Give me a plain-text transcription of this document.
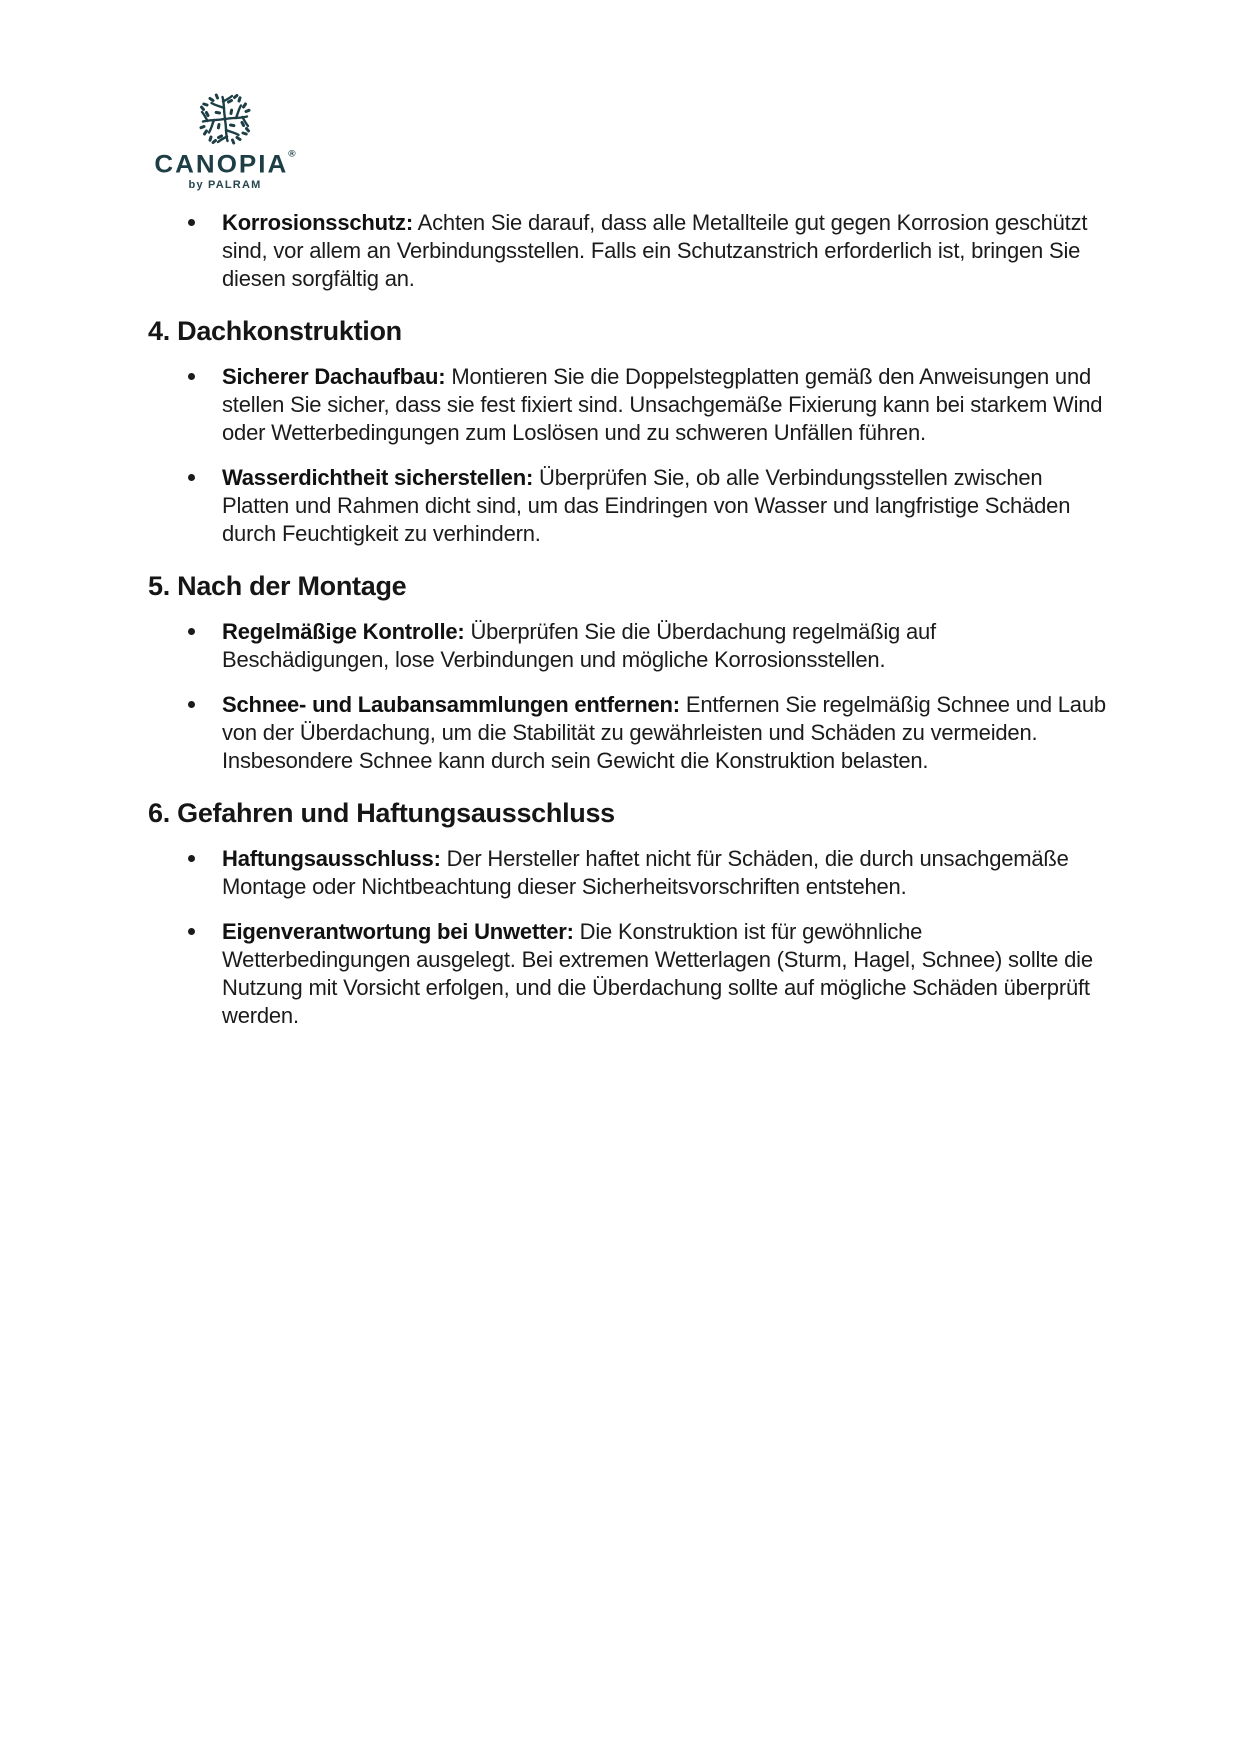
CANOPIA®
by PALRAM
Korrosionsschutz: Achten Sie darauf, dass alle Metallteile gut gegen Korrosion geschützt sind, vor allem an Verbindungsstellen. Falls ein Schutzanstrich erforderlich ist, bringen Sie diesen sorgfältig an.
4. Dachkonstruktion
Sicherer Dachaufbau: Montieren Sie die Doppelstegplatten gemäß den Anweisungen und stellen Sie sicher, dass sie fest fixiert sind. Unsachgemäße Fixierung kann bei starkem Wind oder Wetterbedingungen zum Loslösen und zu schweren Unfällen führen.
Wasserdichtheit sicherstellen: Überprüfen Sie, ob alle Verbindungsstellen zwischen Platten und Rahmen dicht sind, um das Eindringen von Wasser und langfristige Schäden durch Feuchtigkeit zu verhindern.
5. Nach der Montage
Regelmäßige Kontrolle: Überprüfen Sie die Überdachung regelmäßig auf Beschädigungen, lose Verbindungen und mögliche Korrosionsstellen.
Schnee- und Laubansammlungen entfernen: Entfernen Sie regelmäßig Schnee und Laub von der Überdachung, um die Stabilität zu gewährleisten und Schäden zu vermeiden. Insbesondere Schnee kann durch sein Gewicht die Konstruktion belasten.
6. Gefahren und Haftungsausschluss
Haftungsausschluss: Der Hersteller haftet nicht für Schäden, die durch unsachgemäße Montage oder Nichtbeachtung dieser Sicherheitsvorschriften entstehen.
Eigenverantwortung bei Unwetter: Die Konstruktion ist für gewöhnliche Wetterbedingungen ausgelegt. Bei extremen Wetterlagen (Sturm, Hagel, Schnee) sollte die Nutzung mit Vorsicht erfolgen, und die Überdachung sollte auf mögliche Schäden überprüft werden.
